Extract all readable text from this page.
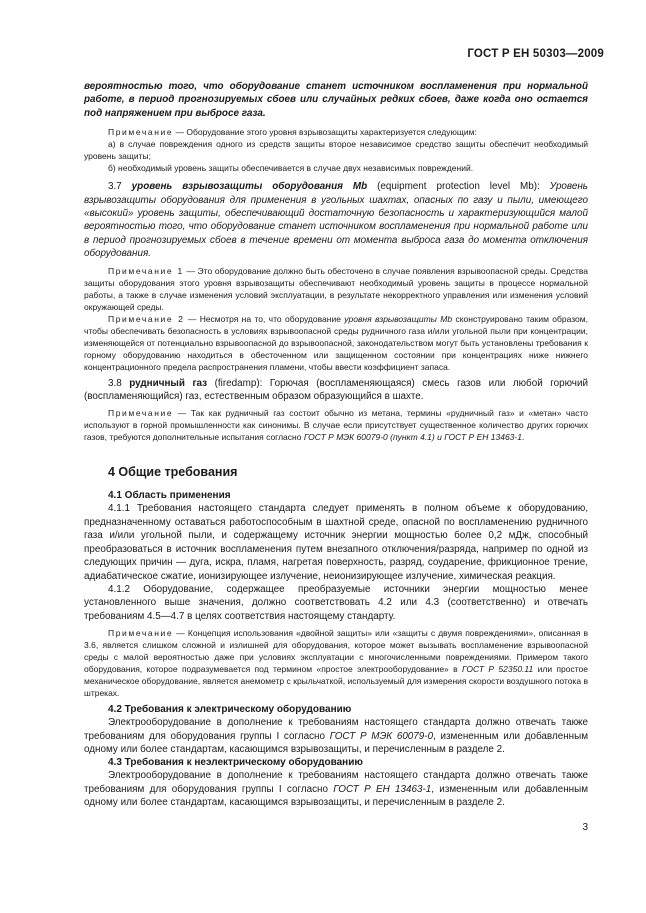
ГОСТ Р ЕН 50303—2009

вероятностью того, что оборудование станет источником воспламенения при нормальной работе, в период прогнозируемых сбоев или случайных редких сбоев, даже когда оно остается под напряжением при выбросе газа.

Примечание — Оборудование этого уровня взрывозащиты характеризуется следующим:

а) в случае повреждения одного из средств защиты второе независимое средство защиты обеспечит необходимый уровень защиты;

б) необходимый уровень защиты обеспечивается в случае двух независимых повреждений.

3.7 уровень взрывозащиты оборудования Mb (equipment protection level Mb): Уровень взрывозащиты оборудования для применения в угольных шахтах, опасных по газу и пыли, имеющего «высокий» уровень защиты, обеспечивающий достаточную безопасность и характеризующийся малой вероятностью того, что оборудование станет источником воспламенения при нормальной работе или в период прогнозируемых сбоев в течение времени от момента выброса газа до момента отключения оборудования.

Примечание 1 — Это оборудование должно быть обесточено в случае появления взрывоопасной среды. Средства защиты оборудования этого уровня взрывозащиты обеспечивают необходимый уровень защиты в процессе нормальной работы, а также в случае изменения условий эксплуатации, в результате некорректного управления или изменения условий окружающей среды.

Примечание 2 — Несмотря на то, что оборудование уровня взрывозащиты Mb сконструировано таким образом, чтобы обеспечивать безопасность в условиях взрывоопасной среды рудничного газа и/или угольной пыли при концентрации, изменяющейся от потенциально взрывоопасной до взрывоопасной, законодательством могут быть установлены требования к горному оборудованию находиться в обесточенном или защищенном состоянии при концентрациях ниже нижнего концентрационного предела распространения пламени, чтобы ввести коэффициент запаса.

3.8 рудничный газ (firedamp): Горючая (воспламеняющаяся) смесь газов или любой горючий (воспламеняющийся) газ, естественным образом образующийся в шахте.

Примечание — Так как рудничный газ состоит обычно из метана, термины «рудничный газ» и «метан» часто используют в горной промышленности как синонимы. В случае если присутствует существенное количество других горючих газов, требуются дополнительные испытания согласно ГОСТ Р МЭК 60079-0 (пункт 4.1) и ГОСТ Р ЕН 13463-1.

4 Общие требования
4.1 Область применения

4.1.1 Требования настоящего стандарта следует применять в полном объеме к оборудованию, предназначенному оставаться работоспособным в шахтной среде, опасной по воспламенению рудничного газа и/или угольной пыли, и содержащему источник энергии мощностью более 0,2 мДж, способный преобразоваться в источник воспламенения путем внезапного отключения/разряда, например по одной из следующих причин — дуга, искра, пламя, нагретая поверхность, разряд, соударение, фрикционное трение, адиабатическое сжатие, ионизирующее излучение, неионизирующее излучение, химическая реакция.

4.1.2 Оборудование, содержащее преобразуемые источники энергии мощностью менее установленного выше значения, должно соответствовать 4.2 или 4.3 (соответственно) и отвечать требованиям 4.5—4.7 в целях соответствия настоящему стандарту.

Примечание — Концепция использования «двойной защиты» или «защиты с двумя повреждениями», описанная в 3.6, является слишком сложной и излишней для оборудования, которое может вызывать воспламенение взрывоопасной среды с малой вероятностью даже при условиях эксплуатации с многочисленными повреждениями. Примером такого оборудования, которое подразумевается под термином «простое электрооборудование» в ГОСТ Р 52350.11 или простое механическое оборудование, является анемометр с крыльчаткой, используемый для измерения скорости воздушного потока в штреках.

4.2 Требования к электрическому оборудованию

Электрооборудование в дополнение к требованиям настоящего стандарта должно отвечать также требованиям для оборудования группы I согласно ГОСТ Р МЭК 60079-0, измененным или добавленным одному или более стандартам, касающимся взрывозащиты, и перечисленным в разделе 2.

4.3 Требования к неэлектрическому оборудованию

Электрооборудование в дополнение к требованиям настоящего стандарта должно отвечать также требованиям для оборудования группы I согласно ГОСТ Р ЕН 13463-1, измененным или добавленным одному или более стандартам, касающимся взрывозащиты, и перечисленным в разделе 2.

3
